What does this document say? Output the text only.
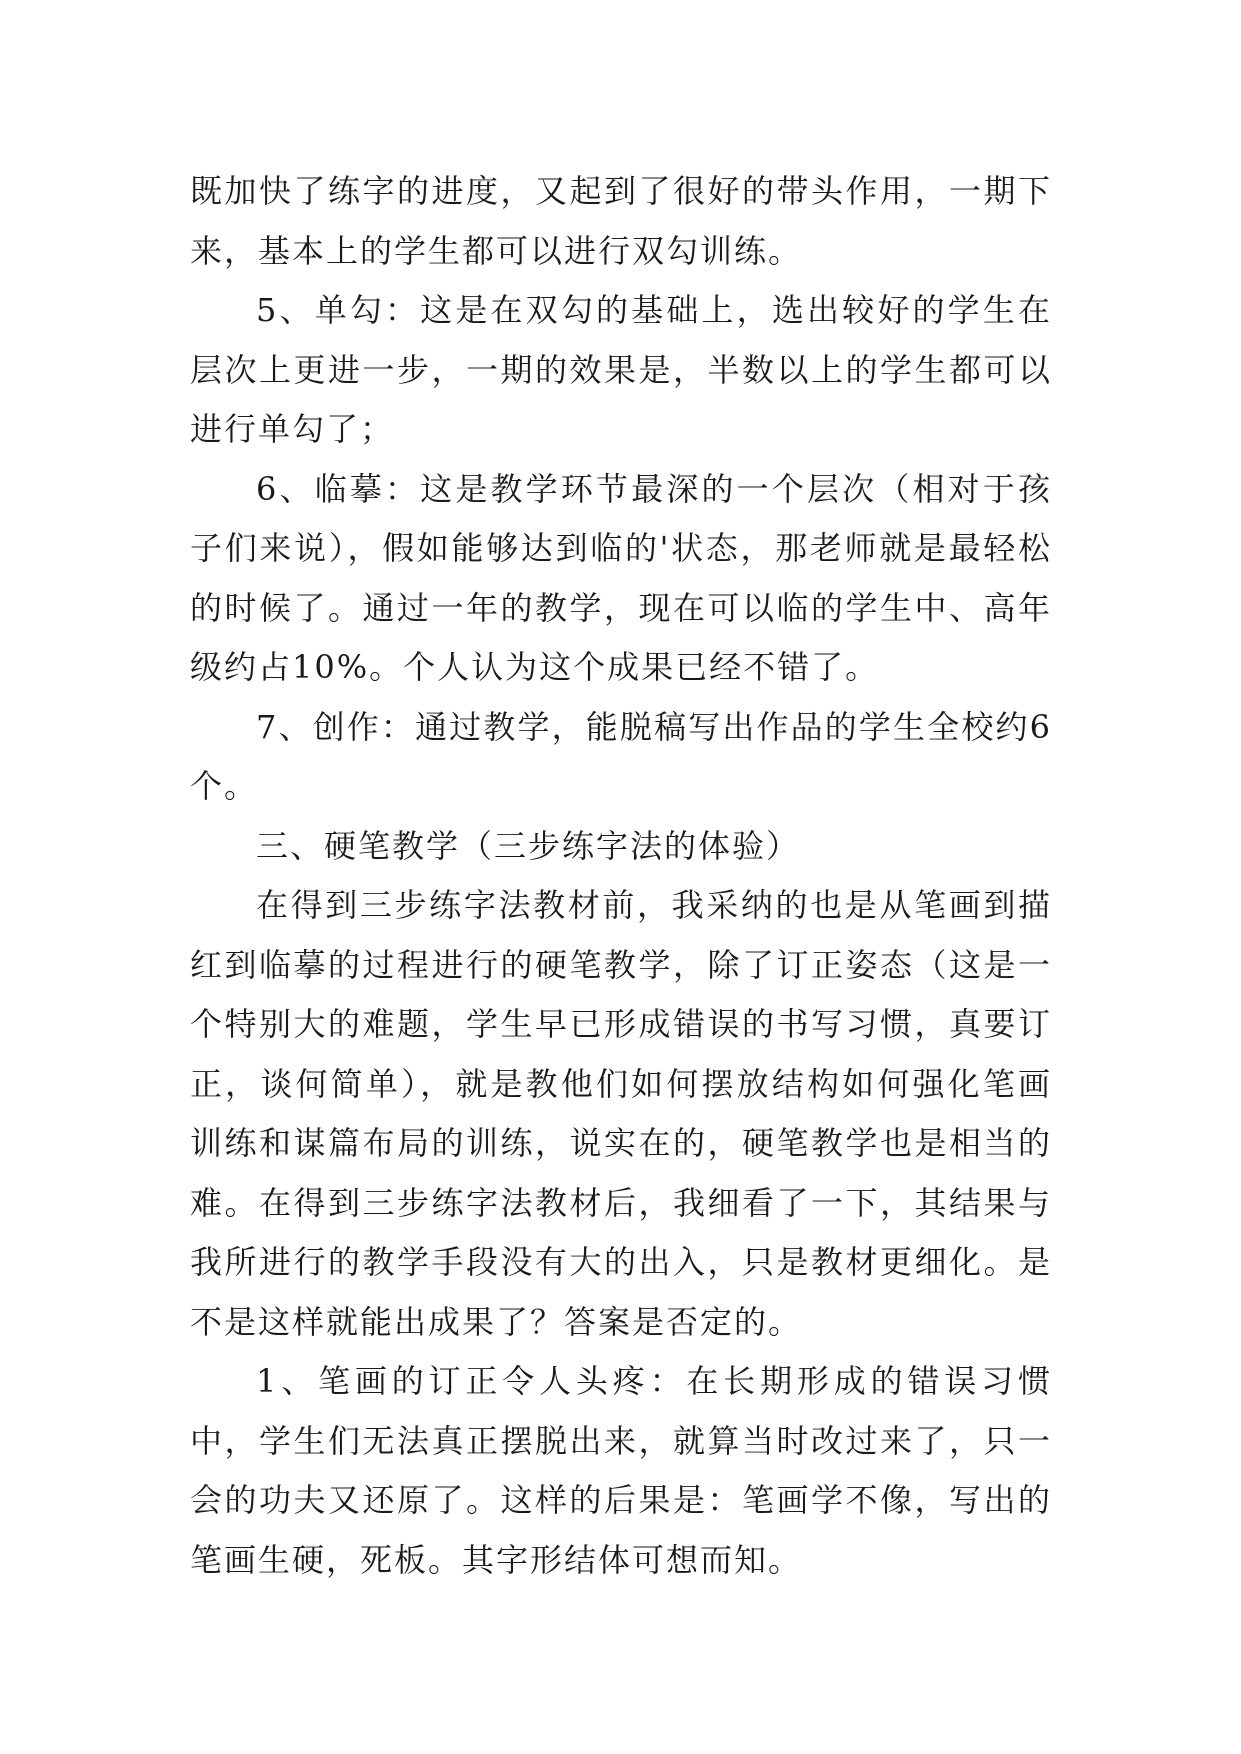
既加快了练字的进度，又起到了很好的带头作用，一期下来，基本上的学生都可以进行双勾训练。

5、单勾：这是在双勾的基础上，选出较好的学生在层次上更进一步，一期的效果是，半数以上的学生都可以进行单勾了；

6、临摹：这是教学环节最深的一个层次（相对于孩子们来说），假如能够达到临的'状态，那老师就是最轻松的时候了。通过一年的教学，现在可以临的学生中、高年级约占10%。个人认为这个成果已经不错了。

7、创作：通过教学，能脱稿写出作品的学生全校约6个。

三、硬笔教学（三步练字法的体验）

在得到三步练字法教材前，我采纳的也是从笔画到描红到临摹的过程进行的硬笔教学，除了订正姿态（这是一个特别大的难题，学生早已形成错误的书写习惯，真要订正，谈何简单），就是教他们如何摆放结构如何强化笔画训练和谋篇布局的训练，说实在的，硬笔教学也是相当的难。在得到三步练字法教材后，我细看了一下，其结果与我所进行的教学手段没有大的出入，只是教材更细化。是不是这样就能出成果了？答案是否定的。

1、笔画的订正令人头疼：在长期形成的错误习惯中，学生们无法真正摆脱出来，就算当时改过来了，只一会的功夫又还原了。这样的后果是：笔画学不像，写出的笔画生硬，死板。其字形结体可想而知。
